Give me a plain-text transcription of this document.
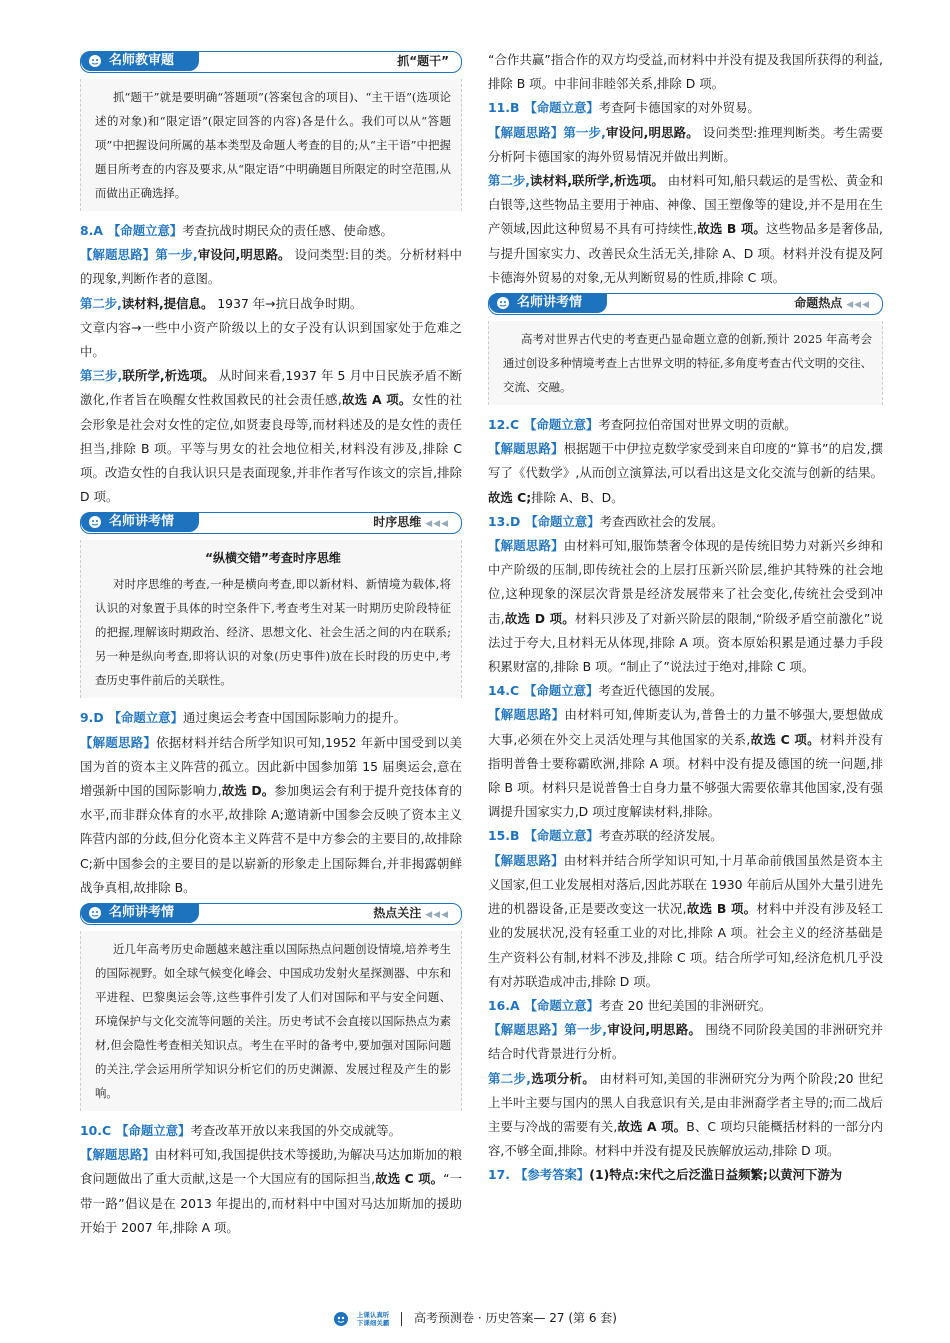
名师教审题	抓“题干”

抓“题干”就是要明确“答题项”(答案包含的项目)、“主干语”(选项论述的对象)和“限定语”(限定回答的内容)各是什么。我们可以从“答题项”中把握设问所属的基本类型及命题人考查的目的;从“主干语”中把握题目所考查的内容及要求,从“限定语”中明确题目所限定的时空范围,从而做出正确选择。

8.A 【命题立意】考查抗战时期民众的责任感、使命感。

【解题思路】第一步,审设问,明思路。 设问类型:目的类。分析材料中的现象,判断作者的意图。

第二步,读材料,提信息。 1937 年→抗日战争时期。

文章内容→一些中小资产阶级以上的女子没有认识到国家处于危难之中。

第三步,联所学,析选项。 从时间来看,1937 年 5 月中日民族矛盾不断激化,作者旨在唤醒女性救国救民的社会责任感,故选 A 项。女性的社会形象是社会对女性的定位,如贤妻良母等,而材料述及的是女性的责任担当,排除 B 项。平等与男女的社会地位相关,材料没有涉及,排除 C 项。改造女性的自我认识只是表面现象,并非作者写作该文的宗旨,排除 D 项。

名师讲考情	时序思维 ◀◀◀

“纵横交错”考查时序思维

对时序思维的考查,一种是横向考查,即以新材料、新情境为载体,将认识的对象置于具体的时空条件下,考查考生对某一时期历史阶段特征的把握,理解该时期政治、经济、思想文化、社会生活之间的内在联系;另一种是纵向考查,即将认识的对象(历史事件)放在长时段的历史中,考查历史事件前后的关联性。

9.D 【命题立意】通过奥运会考查中国国际影响力的提升。

【解题思路】依据材料并结合所学知识可知,1952 年新中国受到以美国为首的资本主义阵营的孤立。因此新中国参加第 15 届奥运会,意在增强新中国的国际影响力,故选 D。参加奥运会有利于提升竞技体育的水平,而非群众体育的水平,故排除 A;邀请新中国参会反映了资本主义阵营内部的分歧,但分化资本主义阵营不是中方参会的主要目的,故排除 C;新中国参会的主要目的是以崭新的形象走上国际舞台,并非揭露朝鲜战争真相,故排除 B。

名师讲考情	热点关注 ◀◀◀

近几年高考历史命题越来越注重以国际热点问题创设情境,培养考生的国际视野。如全球气候变化峰会、中国成功发射火星探测器、中东和平进程、巴黎奥运会等,这些事件引发了人们对国际和平与安全问题、环境保护与文化交流等问题的关注。历史考试不会直接以国际热点为素材,但会隐性考查相关知识点。考生在平时的备考中,要加强对国际问题的关注,学会运用所学知识分析它们的历史渊源、发展过程及产生的影响。

10.C 【命题立意】考查改革开放以来我国的外交成就等。

【解题思路】由材料可知,我国提供技术等援助,为解决马达加斯加的粮食问题做出了重大贡献,这是一个大国应有的国际担当,故选 C 项。“一带一路”倡议是在 2013 年提出的,而材料中中国对马达加斯加的援助开始于 2007 年,排除 A 项。

“合作共赢”指合作的双方均受益,而材料中并没有提及我国所获得的利益,排除 B 项。中非间非睦邻关系,排除 D 项。

11.B 【命题立意】考查阿卡德国家的对外贸易。

【解题思路】第一步,审设问,明思路。 设问类型:推理判断类。考生需要分析阿卡德国家的海外贸易情况并做出判断。

第二步,读材料,联所学,析选项。 由材料可知,船只载运的是雪松、黄金和白银等,这些物品主要用于神庙、神像、国王塑像等的建设,并不是用在生产领域,因此这种贸易不具有可持续性,故选 B 项。这些物品多是奢侈品,与提升国家实力、改善民众生活无关,排除 A、D 项。材料并没有提及阿卡德海外贸易的对象,无从判断贸易的性质,排除 C 项。

名师讲考情	命题热点 ◀◀◀

高考对世界古代史的考查更凸显命题立意的创新,预计 2025 年高考会通过创设多种情境考查上古世界文明的特征,多角度考查古代文明的交往、交流、交融。

12.C 【命题立意】考查阿拉伯帝国对世界文明的贡献。

【解题思路】根据题干中伊拉克数学家受到来自印度的“算书”的启发,撰写了《代数学》,从而创立演算法,可以看出这是文化交流与创新的结果。故选 C;排除 A、B、D。

13.D 【命题立意】考查西欧社会的发展。

【解题思路】由材料可知,服饰禁奢令体现的是传统旧势力对新兴乡绅和中产阶级的压制,即传统社会的上层打压新兴阶层,维护其特殊的社会地位,这种现象的深层次背景是经济发展带来了社会变化,传统社会受到冲击,故选 D 项。材料只涉及了对新兴阶层的限制,“阶级矛盾空前激化”说法过于夸大,且材料无从体现,排除 A 项。资本原始积累是通过暴力手段积累财富的,排除 B 项。“制止了”说法过于绝对,排除 C 项。

14.C 【命题立意】考查近代德国的发展。

【解题思路】由材料可知,俾斯麦认为,普鲁士的力量不够强大,要想做成大事,必须在外交上灵活处理与其他国家的关系,故选 C 项。材料并没有指明普鲁士要称霸欧洲,排除 A 项。材料中没有提及德国的统一问题,排除 B 项。材料只是说普鲁士自身力量不够强大需要依靠其他国家,没有强调提升国家实力,D 项过度解读材料,排除。

15.B 【命题立意】考查苏联的经济发展。

【解题思路】由材料并结合所学知识可知,十月革命前俄国虽然是资本主义国家,但工业发展相对落后,因此苏联在 1930 年前后从国外大量引进先进的机器设备,正是要改变这一状况,故选 B 项。材料中并没有涉及轻工业的发展状况,没有轻重工业的对比,排除 A 项。社会主义的经济基础是生产资料公有制,材料不涉及,排除 C 项。结合所学可知,经济危机几乎没有对苏联造成冲击,排除 D 项。

16.A 【命题立意】考查 20 世纪美国的非洲研究。

【解题思路】第一步,审设问,明思路。 围绕不同阶段美国的非洲研究并结合时代背景进行分析。

第二步,选项分析。 由材料可知,美国的非洲研究分为两个阶段;20 世纪上半叶主要与国内的黑人自我意识有关,是由非洲裔学者主导的;而二战后主要与冷战的需要有关,故选 A 项。B、C 项均只能概括材料的一部分内容,不够全面,排除。材料中并没有提及民族解放运动,排除 D 项。

17. 【参考答案】(1)特点:宋代之后泛滥日益频繁;以黄河下游为

上课认真听
下课细关霸 高考预测卷 · 历史答案— 27 (第 6 套)
